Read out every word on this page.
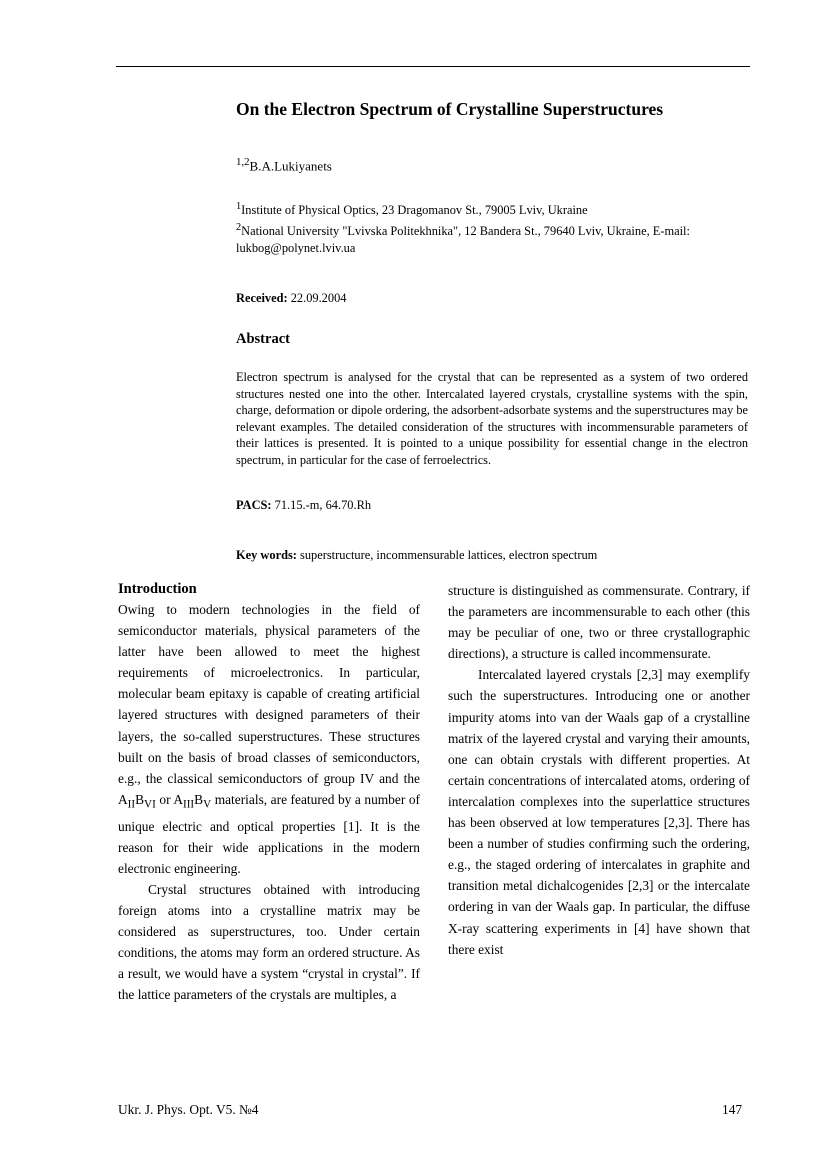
On the Electron Spectrum of Crystalline Superstructures
$^{1,2}$B.A.Lukiyanets
$^1$Institute of Physical Optics, 23 Dragomanov St., 79005 Lviv, Ukraine
$^2$National University "Lvivska Politekhnika", 12 Bandera St., 79640 Lviv, Ukraine, E-mail: lukbog@polynet.lviv.ua
Received: 22.09.2004
Abstract
Electron spectrum is analysed for the crystal that can be represented as a system of two ordered structures nested one into the other. Intercalated layered crystals, crystalline systems with the spin, charge, deformation or dipole ordering, the adsorbent-adsorbate systems and the superstructures may be relevant examples. The detailed consideration of the structures with incommensurable parameters of their lattices is presented. It is pointed to a unique possibility for essential change in the electron spectrum, in particular for the case of ferroelectrics.
PACS: 71.15.-m, 64.70.Rh
Key words: superstructure, incommensurable lattices, electron spectrum
Introduction

Owing to modern technologies in the field of semiconductor materials, physical parameters of the latter have been allowed to meet the highest requirements of microelectronics. In particular, molecular beam epitaxy is capable of creating artificial layered structures with designed parameters of their layers, the so-called superstructures. These structures built on the basis of broad classes of semiconductors, e.g., the classical semiconductors of group IV and the $A_{II}B_{VI}$ or $A_{III}B_V$ materials, are featured by a number of unique electric and optical properties [1]. It is the reason for their wide applications in the modern electronic engineering.

Crystal structures obtained with introducing foreign atoms into a crystalline matrix may be considered as superstructures, too. Under certain conditions, the atoms may form an ordered structure. As a result, we would have a system “crystal in crystal”. If the lattice parameters of the crystals are multiples, a

structure is distinguished as commensurate. Contrary, if the parameters are incommensurable to each other (this may be peculiar of one, two or three crystallographic directions), a structure is called incommensurate.

Intercalated layered crystals [2,3] may exemplify such the superstructures. Introducing one or another impurity atoms into van der Waals gap of a crystalline matrix of the layered crystal and varying their amounts, one can obtain crystals with different properties. At certain concentrations of intercalated atoms, ordering of intercalation complexes into the superlattice structures has been observed at low temperatures [2,3]. There has been a number of studies confirming such the ordering, e.g., the staged ordering of intercalates in graphite and transition metal dichalcogenides [2,3] or the intercalate ordering in van der Waals gap. In particular, the diffuse X-ray scattering experiments in [4] have shown that there exist

Ukr. J. Phys. Opt. V5. №4	147
